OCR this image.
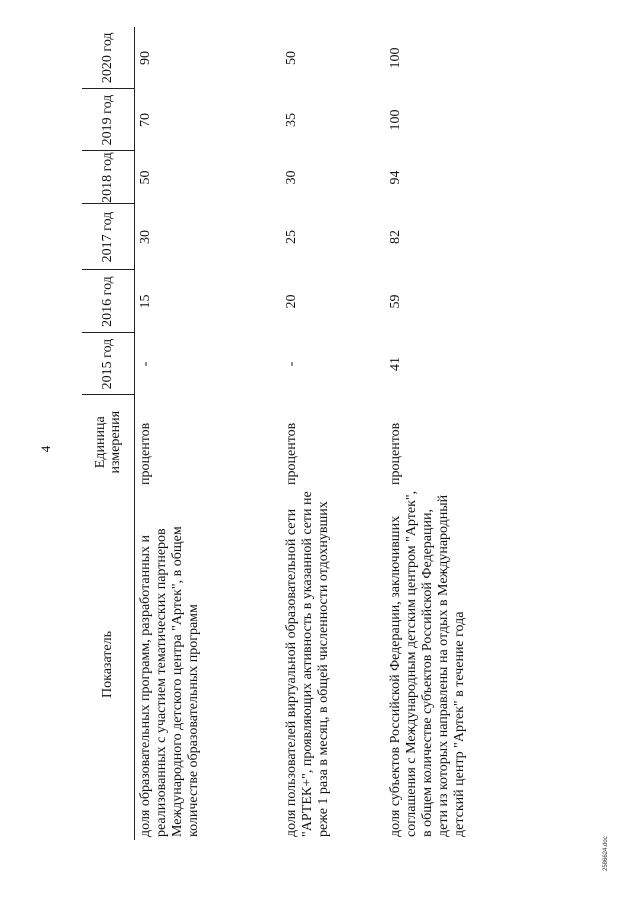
4
Показатель	Единица измерения	2015 год	2016 год	2017 год	2018 год	2019 год	2020 год
доля образовательных программ, разработанных и реализованных с участием тематических партнеров Международного детского центра "Артек", в общем количестве образовательных программ	процентов	-	15	30	50	70	90
доля пользователей виртуальной образовательной сети "АРТЕК+", проявляющих активность в указанной сети не реже 1 раза в месяц, в общей численности отдохнувших	процентов	-	20	25	30	35	50
доля субъектов Российской Федерации, заключивших соглашения с Международным детским центром "Артек", в общем количестве субъектов Российской Федерации, дети из которых направлены на отдых в Международный детский центр "Артек" в течение года	процентов	41	59	82	94	100	100
2586624.doc
